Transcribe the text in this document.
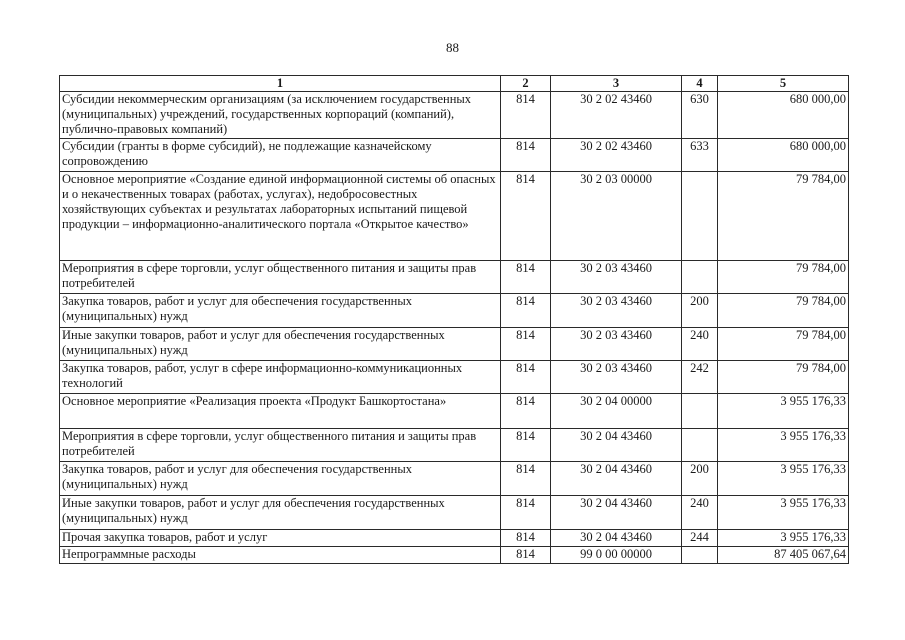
88
1	2	3	4	5
Субсидии некоммерческим организациям (за исключением государственных (муниципальных) учреждений, государственных корпораций (компаний), публично-правовых компаний)	814	30 2 02 43460	630	680 000,00
Субсидии (гранты в форме субсидий), не подлежащие казначейскому сопровождению	814	30 2 02 43460	633	680 000,00
Основное мероприятие «Создание единой информационной системы об опасных и о некачественных товарах (работах, услугах), недобросовестных хозяйствующих субъектах и результатах лабораторных испытаний пищевой продукции – информационно-аналитического портала «Открытое качество»	814	30 2 03 00000		79 784,00
Мероприятия в сфере торговли, услуг общественного питания и защиты прав потребителей	814	30 2 03 43460		79 784,00
Закупка товаров, работ и услуг для обеспечения государственных (муниципальных) нужд	814	30 2 03 43460	200	79 784,00
Иные закупки товаров, работ и услуг для обеспечения государственных (муниципальных) нужд	814	30 2 03 43460	240	79 784,00
Закупка товаров, работ, услуг в сфере информационно-коммуникационных технологий	814	30 2 03 43460	242	79 784,00
Основное мероприятие «Реализация проекта «Продукт Башкортостана»	814	30 2 04 00000		3 955 176,33
Мероприятия в сфере торговли, услуг общественного питания и защиты прав потребителей	814	30 2 04 43460		3 955 176,33
Закупка товаров, работ и услуг для обеспечения государственных (муниципальных) нужд	814	30 2 04 43460	200	3 955 176,33
Иные закупки товаров, работ и услуг для обеспечения государственных (муниципальных) нужд	814	30 2 04 43460	240	3 955 176,33
Прочая закупка товаров, работ и услуг	814	30 2 04 43460	244	3 955 176,33
Непрограммные расходы	814	99 0 00 00000		87 405 067,64
